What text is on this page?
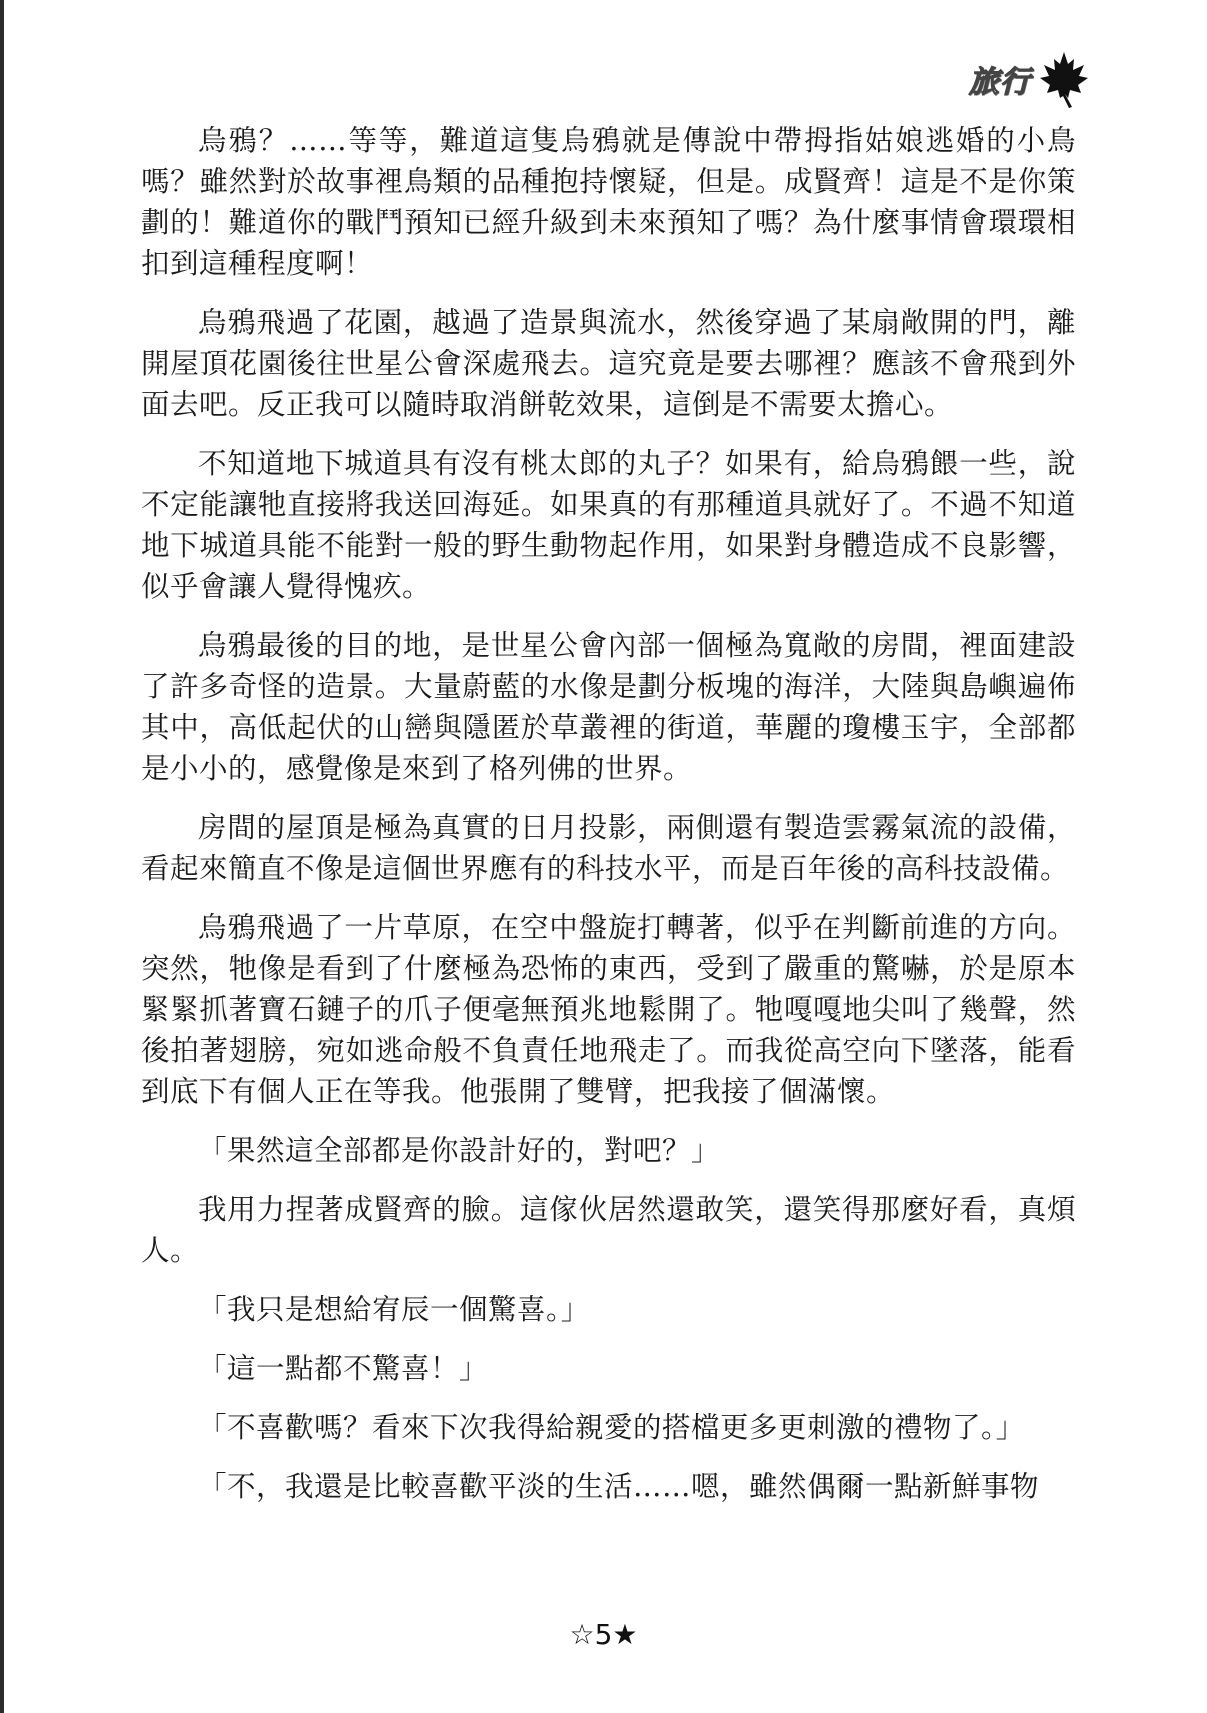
旅行

烏鴉？……等等，難道這隻烏鴉就是傳說中帶拇指姑娘逃婚的小鳥嗎？雖然對於故事裡鳥類的品種抱持懷疑，但是。成賢齊！這是不是你策劃的！難道你的戰鬥預知已經升級到未來預知了嗎？為什麼事情會環環相扣到這種程度啊！

烏鴉飛過了花園，越過了造景與流水，然後穿過了某扇敞開的門，離開屋頂花園後往世星公會深處飛去。這究竟是要去哪裡？應該不會飛到外面去吧。反正我可以隨時取消餅乾效果，這倒是不需要太擔心。

不知道地下城道具有沒有桃太郎的丸子？如果有，給烏鴉餵一些，說不定能讓牠直接將我送回海延。如果真的有那種道具就好了。不過不知道地下城道具能不能對一般的野生動物起作用，如果對身體造成不良影響，似乎會讓人覺得愧疚。

烏鴉最後的目的地，是世星公會內部一個極為寬敞的房間，裡面建設了許多奇怪的造景。大量蔚藍的水像是劃分板塊的海洋，大陸與島嶼遍佈其中，高低起伏的山巒與隱匿於草叢裡的街道，華麗的瓊樓玉宇，全部都是小小的，感覺像是來到了格列佛的世界。

房間的屋頂是極為真實的日月投影，兩側還有製造雲霧氣流的設備，看起來簡直不像是這個世界應有的科技水平，而是百年後的高科技設備。

烏鴉飛過了一片草原，在空中盤旋打轉著，似乎在判斷前進的方向。突然，牠像是看到了什麼極為恐怖的東西，受到了嚴重的驚嚇，於是原本緊緊抓著寶石鏈子的爪子便毫無預兆地鬆開了。牠嘎嘎地尖叫了幾聲，然後拍著翅膀，宛如逃命般不負責任地飛走了。而我從高空向下墜落，能看到底下有個人正在等我。他張開了雙臂，把我接了個滿懷。

「果然這全部都是你設計好的，對吧？」

我用力捏著成賢齊的臉。這傢伙居然還敢笑，還笑得那麼好看，真煩人。

「我只是想給宥辰一個驚喜。」

「這一點都不驚喜！」

「不喜歡嗎？看來下次我得給親愛的搭檔更多更刺激的禮物了。」

「不，我還是比較喜歡平淡的生活……嗯，雖然偶爾一點新鮮事物

☆5★
